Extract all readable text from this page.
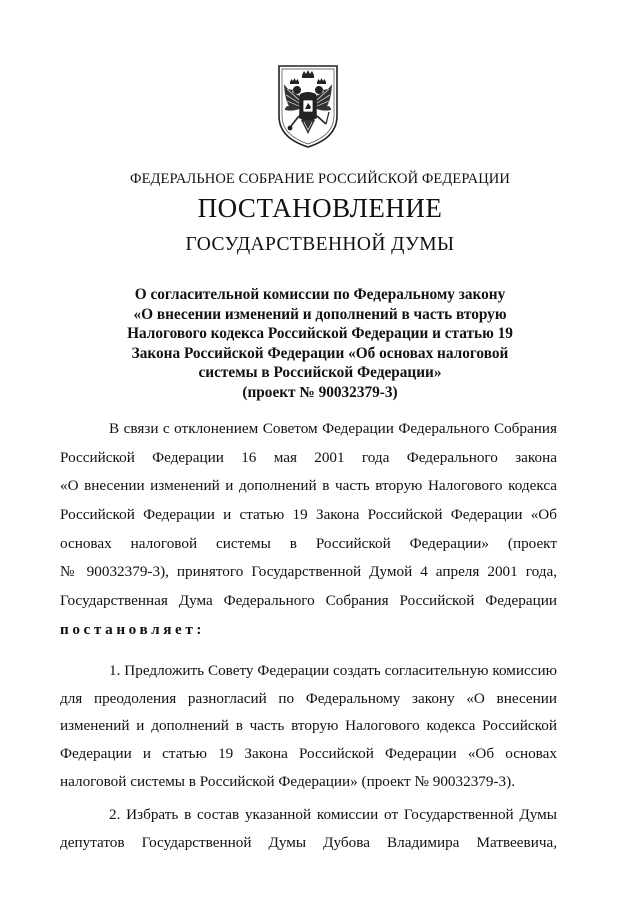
ФЕДЕРАЛЬНОЕ СОБРАНИЕ РОССИЙСКОЙ ФЕДЕРАЦИИ
ПОСТАНОВЛЕНИЕ
ГОСУДАРСТВЕННОЙ ДУМЫ
О согласительной комиссии по Федеральному закону
«О внесении изменений и дополнений в часть вторую
Налогового кодекса Российской Федерации и статью 19
Закона Российской Федерации «Об основах налоговой
системы в Российской Федерации»
(проект № 90032379-3)
В связи с отклонением Советом Федерации Федерального Собрания
Российской Федерации 16 мая 2001 года Федерального закона
«О внесении изменений и дополнений в часть вторую Налогового кодекса
Российской Федерации и статью 19 Закона Российской Федерации «Об
основах налоговой системы в Российской Федерации» (проект
№ 90032379-3), принятого Государственной Думой 4 апреля 2001 года,
Государственная Дума Федерального Собрания Российской Федерации
постановляет:
1. Предложить Совету Федерации создать согласительную комиссию
для преодоления разногласий по Федеральному закону «О внесении
изменений и дополнений в часть вторую Налогового кодекса Российской
Федерации и статью 19 Закона Российской Федерации «Об основах
налоговой системы в Российской Федерации» (проект № 90032379-3).
2. Избрать в состав указанной комиссии от Государственной Думы
депутатов Государственной Думы Дубова Владимира Матвеевича,
